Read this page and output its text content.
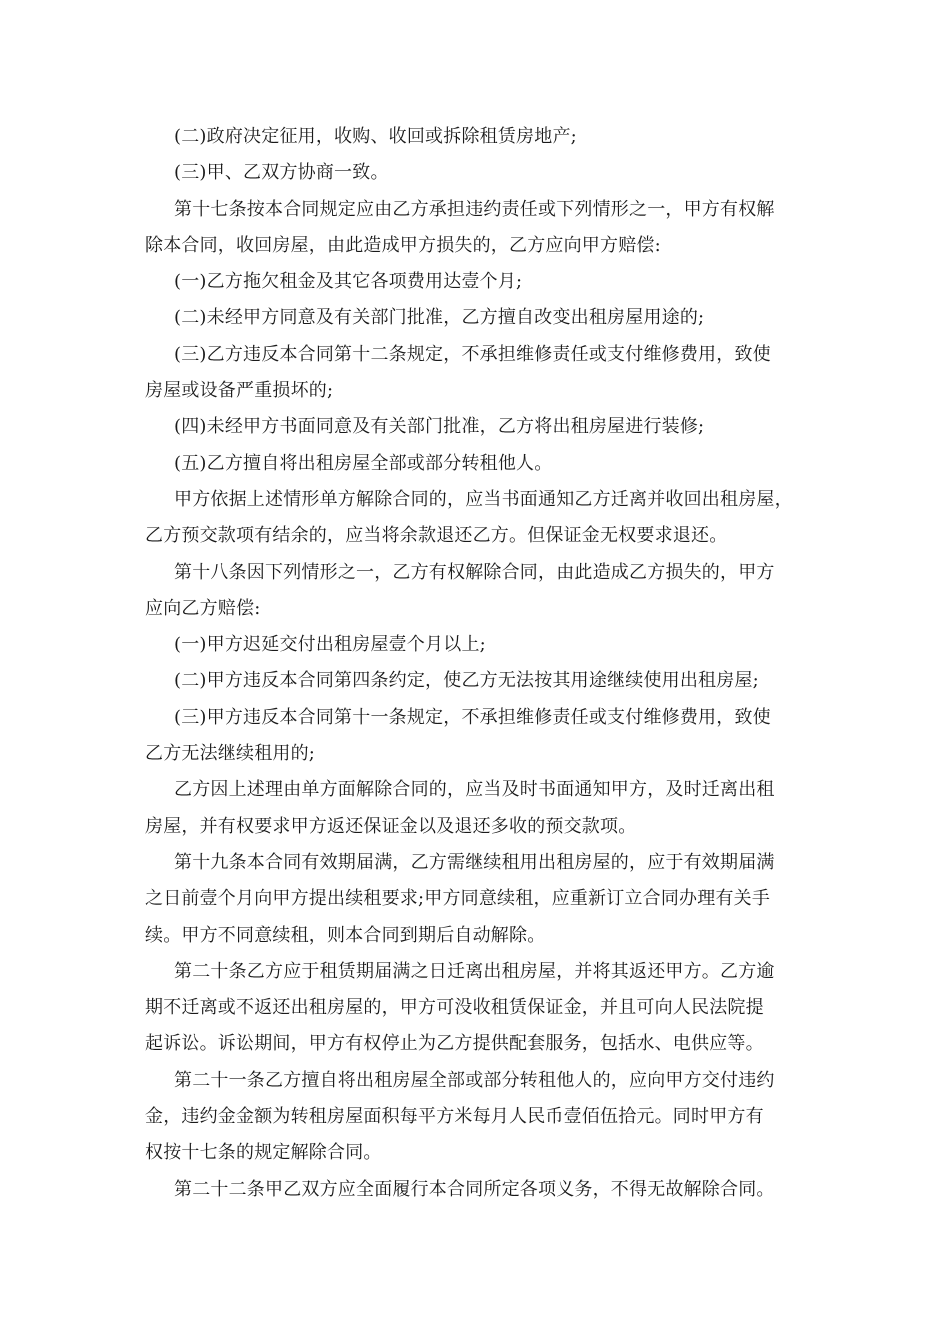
(二)政府决定征用，收购、收回或拆除租赁房地产;
(三)甲、乙双方协商一致。
第十七条按本合同规定应由乙方承担违约责任或下列情形之一，甲方有权解
除本合同，收回房屋，由此造成甲方损失的，乙方应向甲方赔偿:
(一)乙方拖欠租金及其它各项费用达壹个月;
(二)未经甲方同意及有关部门批准，乙方擅自改变出租房屋用途的;
(三)乙方违反本合同第十二条规定，不承担维修责任或支付维修费用，致使
房屋或设备严重损坏的;
(四)未经甲方书面同意及有关部门批准，乙方将出租房屋进行装修;
(五)乙方擅自将出租房屋全部或部分转租他人。
甲方依据上述情形单方解除合同的，应当书面通知乙方迁离并收回出租房屋，
乙方预交款项有结余的，应当将余款退还乙方。但保证金无权要求退还。
第十八条因下列情形之一，乙方有权解除合同，由此造成乙方损失的，甲方
应向乙方赔偿:
(一)甲方迟延交付出租房屋壹个月以上;
(二)甲方违反本合同第四条约定，使乙方无法按其用途继续使用出租房屋;
(三)甲方违反本合同第十一条规定，不承担维修责任或支付维修费用，致使
乙方无法继续租用的;
乙方因上述理由单方面解除合同的，应当及时书面通知甲方，及时迁离出租
房屋，并有权要求甲方返还保证金以及退还多收的预交款项。
第十九条本合同有效期届满，乙方需继续租用出租房屋的，应于有效期届满
之日前壹个月向甲方提出续租要求;甲方同意续租，应重新订立合同办理有关手
续。甲方不同意续租，则本合同到期后自动解除。
第二十条乙方应于租赁期届满之日迁离出租房屋，并将其返还甲方。乙方逾
期不迁离或不返还出租房屋的，甲方可没收租赁保证金，并且可向人民法院提
起诉讼。诉讼期间，甲方有权停止为乙方提供配套服务，包括水、电供应等。
第二十一条乙方擅自将出租房屋全部或部分转租他人的，应向甲方交付违约
金，违约金金额为转租房屋面积每平方米每月人民币壹佰伍拾元。同时甲方有
权按十七条的规定解除合同。
第二十二条甲乙双方应全面履行本合同所定各项义务，不得无故解除合同。
